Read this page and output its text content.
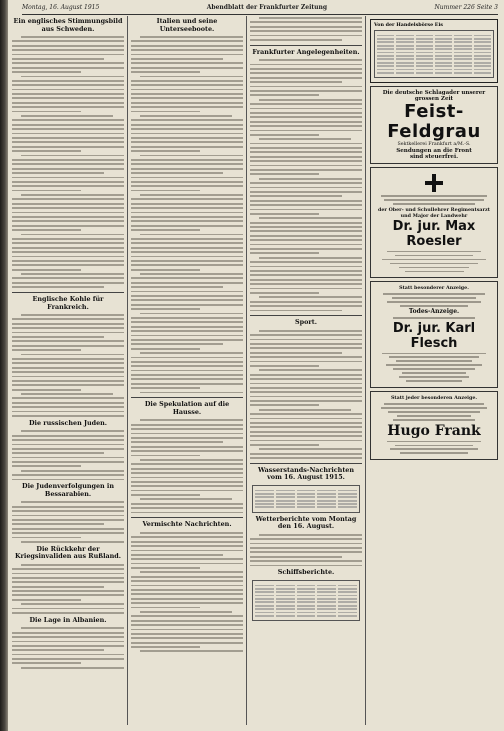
Montag, 16. August 1915	Abendblatt der Frankfurter Zeitung	Nummer 226 Seite 3
Ein englisches Stimmungsbild aus Schweden.
Englische Kohle für Frankreich.
Die russischen Juden.
Die Judenverfolgungen in Bessarabien.
Die Rückkehr der Kriegsinvaliden aus Rußland.
Die Lage in Albanien.
Italien und seine Unterseeboote.
Die Spekulation auf die Hausse.
Vermischte Nachrichten.
Frankfurter Angelegenheiten.
Sport.
Wasserstands-Nachrichten vom 16. August 1915.
Wetterberichte vom Montag den 16. August.
Schiffsberichte.
Von der Handelsbörse Eis
Die deutsche Schlagader unserer grossen Zeit
Feist-Feldgrau
Sektkellerei Frankfurt a/M.-S.
Sendungen an die Front
sind steuerfrei.
der Ober- und Schullehrer Regimentsarzt und Major der Landwehr
Dr. jur. Max Roesler
Statt besonderer Anzeige.
Todes-Anzeige.
Dr. jur. Karl Flesch
Statt jeder besonderen Anzeige.
Hugo Frank
